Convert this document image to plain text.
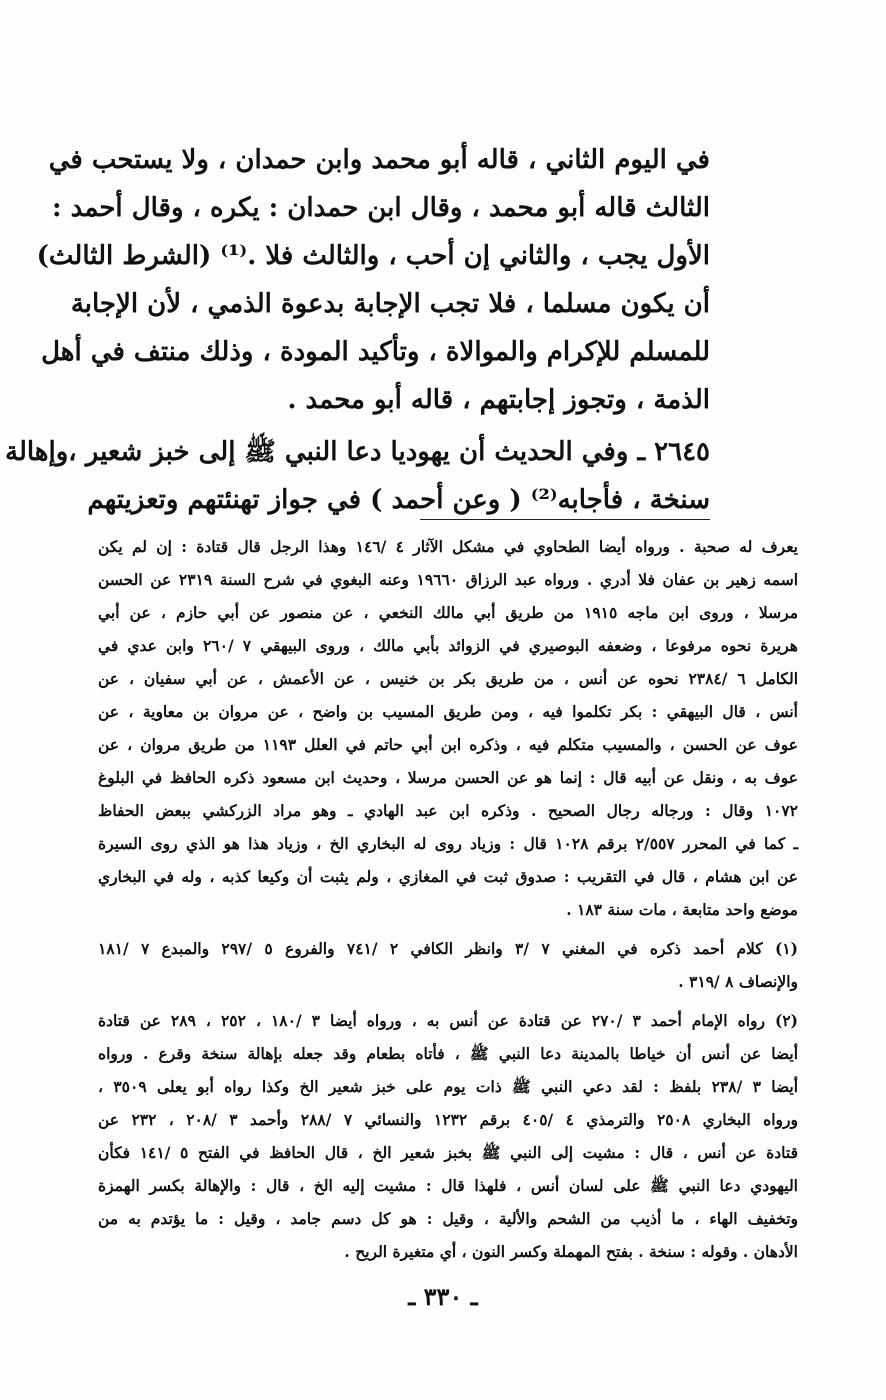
في اليوم الثاني ، قاله أبو محمد وابن حمدان ، ولا يستحب في
الثالث قاله أبو محمد ، وقال ابن حمدان : يكره ، وقال أحمد :
الأول يجب ، والثاني إن أحب ، والثالث فلا .⁽¹⁾ (الشرط الثالث)
أن يكون مسلما ، فلا تجب الإجابة بدعوة الذمي ، لأن الإجابة
للمسلم للإكرام والموالاة ، وتأكيد المودة ، وذلك منتف في أهل
الذمة ، وتجوز إجابتهم ، قاله أبو محمد .
٢٦٤٥ ـ وفي الحديث أن يهوديا دعا النبي ﷺ إلى خبز شعير ،وإهالة
سنخة ، فأجابه⁽²⁾ ( وعن أحمد ) في جواز تهنئتهم وتعزيتهم
يعرف له صحبة . ورواه أيضا الطحاوي في مشكل الآثار ٤ /١٤٦ وهذا الرجل قال قتادة : إن لم يكن
اسمه زهير بن عفان فلا أدري . ورواه عبد الرزاق ١٩٦٦٠ وعنه البغوي في شرح السنة ٢٣١٩ عن الحسن
مرسلا ، وروى ابن ماجه ١٩١٥ من طريق أبي مالك النخعي ، عن منصور عن أبي حازم ، عن أبي
هريرة نحوه مرفوعا ، وضعفه البوصيري في الزوائد بأبي مالك ، وروى البيهقي ٧ /٢٦٠ وابن عدي في
الكامل ٦ /٢٣٨٤ نحوه عن أنس ، من طريق بكر بن خنيس ، عن الأعمش ، عن أبي سفيان ، عن
أنس ، قال البيهقي : بكر تكلموا فيه ، ومن طريق المسيب بن واضح ، عن مروان بن معاوية ، عن
عوف عن الحسن ، والمسيب متكلم فيه ، وذكره ابن أبي حاتم في العلل ١١٩٣ من طريق مروان ، عن
عوف به ، ونقل عن أبيه قال : إنما هو عن الحسن مرسلا ، وحديث ابن مسعود ذكره الحافظ في البلوغ
١٠٧٢ وقال : ورجاله رجال الصحيح . وذكره ابن عبد الهادي ـ وهو مراد الزركشي ببعض الحفاظ
ـ كما في المحرر ٢/٥٥٧ برقم ١٠٢٨ قال : وزياد روى له البخاري الخ ، وزياد هذا هو الذي روى السيرة
عن ابن هشام ، قال في التقريب : صدوق ثبت في المغازي ، ولم يثبت أن وكيعا كذبه ، وله في البخاري
موضع واحد متابعة ، مات سنة ١٨٣ .
(١) كلام أحمد ذكره في المغني ٧ /٣ وانظر الكافي ٢ /٧٤١ والفروع ٥ /٢٩٧ والمبدع ٧ /١٨١
والإنصاف ٨ /٣١٩ .
(٢) رواه الإمام أحمد ٣ /٢٧٠ عن قتادة عن أنس به ، ورواه أيضا ٣ /١٨٠ ، ٢٥٢ ، ٢٨٩ عن قتادة
أيضا عن أنس أن خياطا بالمدينة دعا النبي ﷺ ، فأتاه بطعام وقد جعله بإهالة سنخة وقرع . ورواه
أيضا ٣ /٢٣٨ بلفظ : لقد دعي النبي ﷺ ذات يوم على خبز شعير الخ وكذا رواه أبو يعلى ٣٥٠٩ ،
ورواه البخاري ٢٥٠٨ والترمذي ٤ /٤٠٥ برقم ١٢٣٢ والنسائي ٧ /٢٨٨ وأحمد ٣ /٢٠٨ ، ٢٣٢ عن
قتادة عن أنس ، قال : مشيت إلى النبي ﷺ بخبز شعير الخ ، قال الحافظ في الفتح ٥ /١٤١ فكأن
اليهودي دعا النبي ﷺ على لسان أنس ، فلهذا قال : مشيت إليه الخ ، قال : والإهالة بكسر الهمزة
وتخفيف الهاء ، ما أذيب من الشحم والألية ، وقيل : هو كل دسم جامد ، وقيل : ما يؤتدم به من
الأدهان . وقوله : سنخة . بفتح المهملة وكسر النون ، أي متغيرة الريح .
ـ ٣٣٠ ـ
